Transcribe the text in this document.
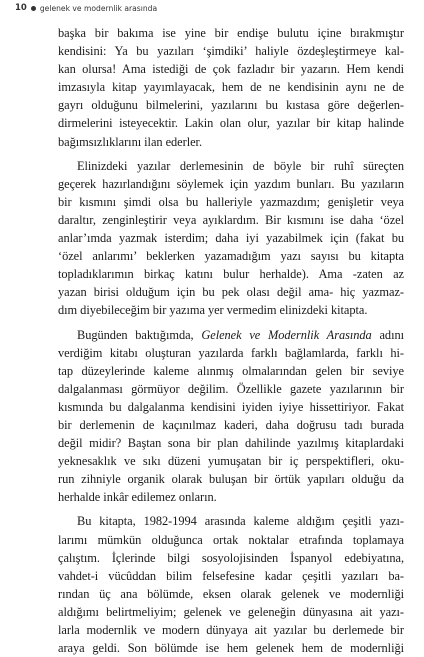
10 gelenek ve modernlik arasında
başka bir bakıma ise yine bir endişe bulutu içine bırakmıştır
kendisini: Ya bu yazıları ‘şimdiki’ haliyle özdeşleştirmeye kal-
kan olursa! Ama istediği de çok fazladır bir yazarın. Hem kendi
imzasıyla kitap yayımlayacak, hem de ne kendisinin aynı ne de
gayrı olduğunu bilmelerini, yazılarını bu kıstasa göre değerlen-
dirmelerini isteyecektir. Lakin olan olur, yazılar bir kitap halinde
bağımsızlıklarını ilan ederler.
Elinizdeki yazılar derlemesinin de böyle bir ruhî süreçten
geçerek hazırlandığını söylemek için yazdım bunları. Bu yazıların
bir kısmını şimdi olsa bu halleriyle yazmazdım; genişletir veya
daraltır, zenginleştirir veya ayıklardım. Bir kısmını ise daha ‘özel
anlar’ımda yazmak isterdim; daha iyi yazabilmek için (fakat bu
‘özel anlarımı’ beklerken yazamadığım yazı sayısı bu kitapta
topladıklarımın birkaç katını bulur herhalde). Ama -zaten az
yazan birisi olduğum için bu pek olası değil ama- hiç yazmaz-
dım diyebileceğim bir yazıma yer vermedim elinizdeki kitapta.
Bugünden baktığımda, Gelenek ve Modernlik Arasında adını
verdiğim kitabı oluşturan yazılarda farklı bağlamlarda, farklı hi-
tap düzeylerinde kaleme alınmış olmalarından gelen bir seviye
dalgalanması görmüyor değilim. Özellikle gazete yazılarının bir
kısmında bu dalgalanma kendisini iyiden iyiye hissettiriyor. Fakat
bir derlemenin de kaçınılmaz kaderi, daha doğrusu tadı burada
değil midir? Baştan sona bir plan dahilinde yazılmış kitaplardaki
yeknesaklık ve sıkı düzeni yumuşatan bir iç perspektifleri, oku-
run zihniyle organik olarak buluşan bir örtük yapıları olduğu da
herhalde inkâr edilemez onların.
Bu kitapta, 1982-1994 arasında kaleme aldığım çeşitli yazı-
larımı mümkün olduğunca ortak noktalar etrafında toplamaya
çalıştım. İçlerinde bilgi sosyolojisinden İspanyol edebiyatına,
vahdet-i vücûddan bilim felsefesine kadar çeşitli yazıları ba-
rından üç ana bölümde, eksen olarak gelenek ve modernliği
aldığımı belirtmeliyim; gelenek ve geleneğin dünyasına ait yazı-
larla modernlik ve modern dünyaya ait yazılar bu derlemede bir
araya geldi. Son bölümde ise hem gelenek hem de modernliği
